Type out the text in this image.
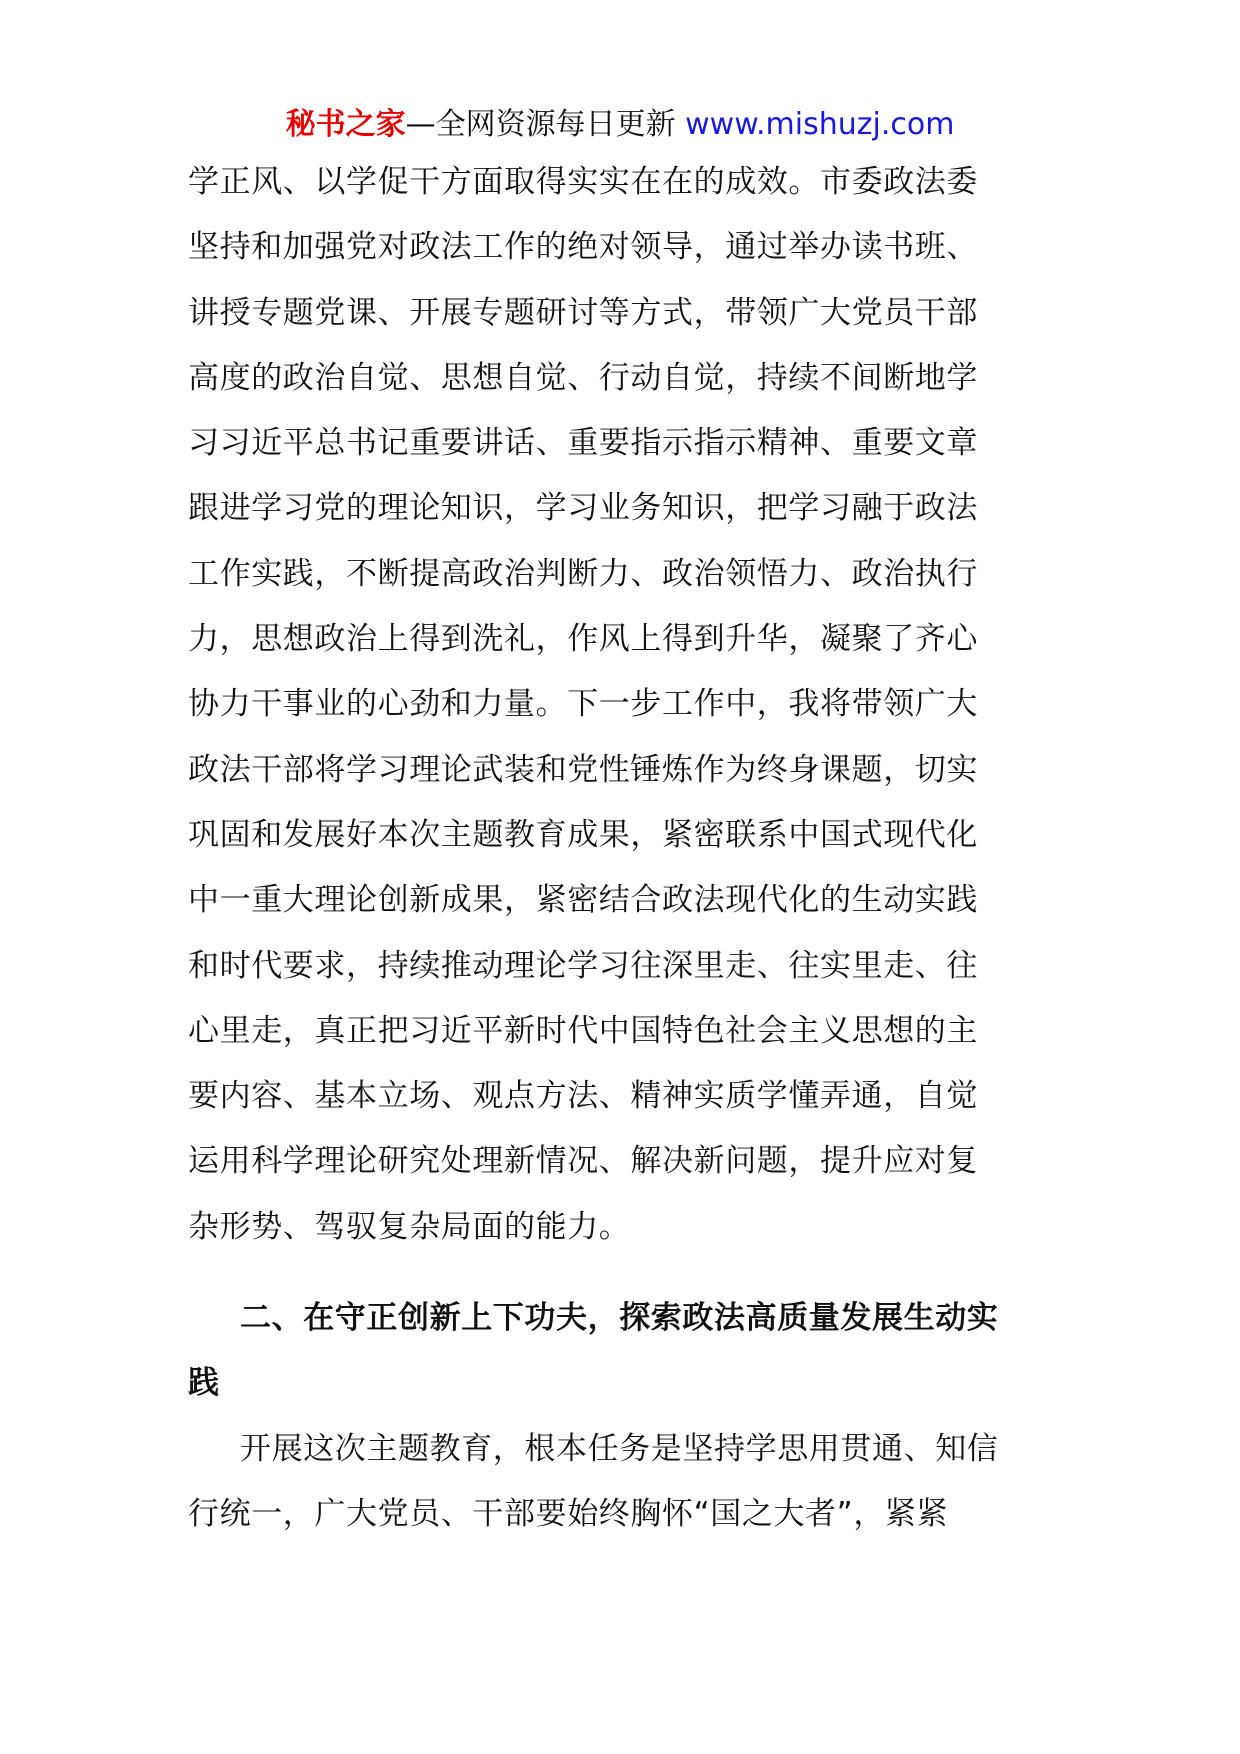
秘书之家—全网资源每日更新 www.mishuzj.com
学正风、以学促干方面取得实实在在的成效。市委政法委
坚持和加强党对政法工作的绝对领导，通过举办读书班、
讲授专题党课、开展专题研讨等方式，带领广大党员干部
高度的政治自觉、思想自觉、行动自觉，持续不间断地学
习习近平总书记重要讲话、重要指示指示精神、重要文章
跟进学习党的理论知识，学习业务知识，把学习融于政法
工作实践，不断提高政治判断力、政治领悟力、政治执行
力，思想政治上得到洗礼，作风上得到升华，凝聚了齐心
协力干事业的心劲和力量。下一步工作中，我将带领广大
政法干部将学习理论武装和党性锤炼作为终身课题，切实
巩固和发展好本次主题教育成果，紧密联系中国式现代化
中一重大理论创新成果，紧密结合政法现代化的生动实践
和时代要求，持续推动理论学习往深里走、往实里走、往
心里走，真正把习近平新时代中国特色社会主义思想的主
要内容、基本立场、观点方法、精神实质学懂弄通，自觉
运用科学理论研究处理新情况、解决新问题，提升应对复
杂形势、驾驭复杂局面的能力。
二、在守正创新上下功夫，探索政法高质量发展生动实
践
开展这次主题教育，根本任务是坚持学思用贯通、知信
行统一，广大党员、干部要始终胸怀“国之大者”，紧紧
